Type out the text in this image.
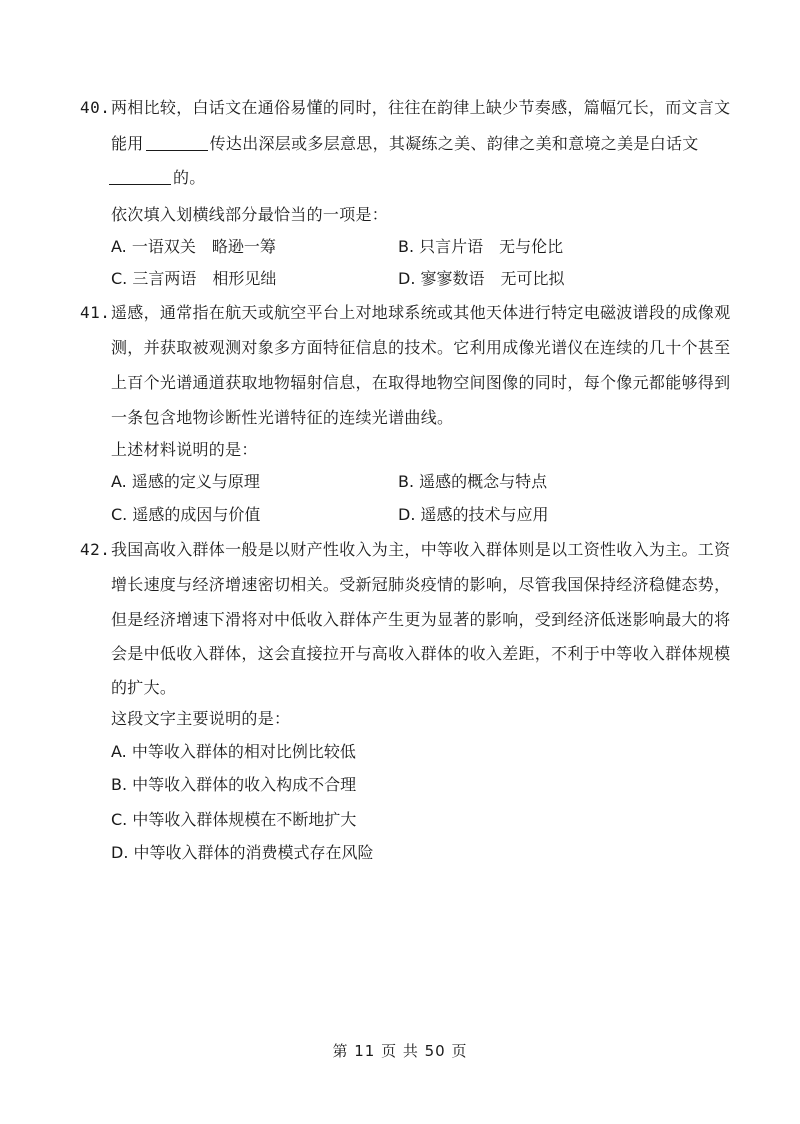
40. 两相比较，白话文在通俗易懂的同时，往往在韵律上缺少节奏感，篇幅冗长，而文言文
能用	传达出深层或多层意思，其凝练之美、韵律之美和意境之美是白话文
的。
依次填入划横线部分最恰当的一项是：
A. 一语双关 略逊一筹	B. 只言片语 无与伦比
C. 三言两语 相形见绌	D. 寥寥数语 无可比拟
41. 遥感，通常指在航天或航空平台上对地球系统或其他天体进行特定电磁波谱段的成像观
测，并获取被观测对象多方面特征信息的技术。它利用成像光谱仪在连续的几十个甚至
上百个光谱通道获取地物辐射信息，在取得地物空间图像的同时，每个像元都能够得到
一条包含地物诊断性光谱特征的连续光谱曲线。
上述材料说明的是：
A. 遥感的定义与原理	B. 遥感的概念与特点
C. 遥感的成因与价值	D. 遥感的技术与应用
42. 我国高收入群体一般是以财产性收入为主，中等收入群体则是以工资性收入为主。工资
增长速度与经济增速密切相关。受新冠肺炎疫情的影响，尽管我国保持经济稳健态势，
但是经济增速下滑将对中低收入群体产生更为显著的影响，受到经济低迷影响最大的将
会是中低收入群体，这会直接拉开与高收入群体的收入差距，不利于中等收入群体规模
的扩大。
这段文字主要说明的是：
A. 中等收入群体的相对比例比较低
B. 中等收入群体的收入构成不合理
C. 中等收入群体规模在不断地扩大
D. 中等收入群体的消费模式存在风险
第 11 页 共 50 页
